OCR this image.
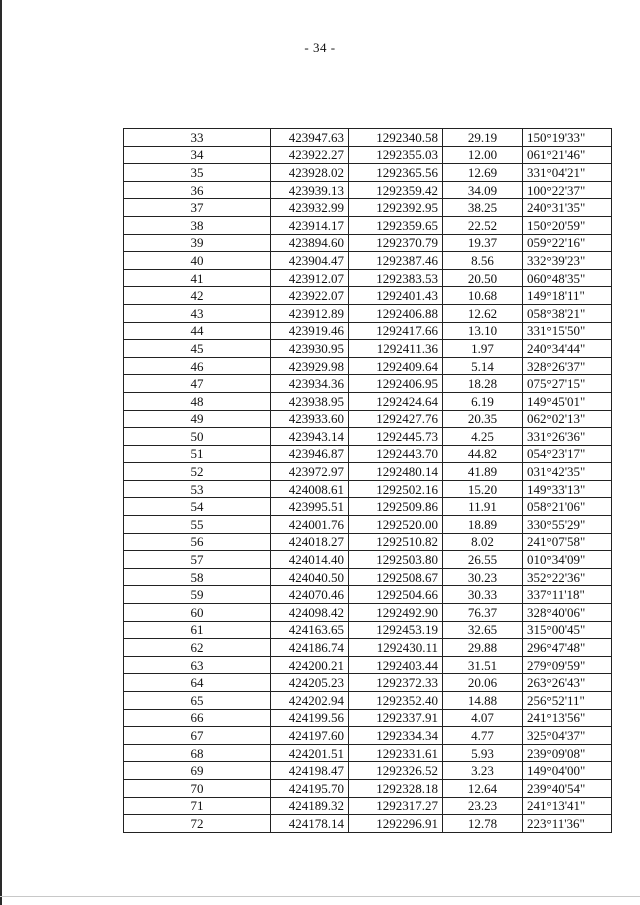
- 34 -
33	423947.63	1292340.58	29.19	150°19'33"
34	423922.27	1292355.03	12.00	061°21'46"
35	423928.02	1292365.56	12.69	331°04'21"
36	423939.13	1292359.42	34.09	100°22'37"
37	423932.99	1292392.95	38.25	240°31'35"
38	423914.17	1292359.65	22.52	150°20'59"
39	423894.60	1292370.79	19.37	059°22'16"
40	423904.47	1292387.46	8.56	332°39'23"
41	423912.07	1292383.53	20.50	060°48'35"
42	423922.07	1292401.43	10.68	149°18'11"
43	423912.89	1292406.88	12.62	058°38'21"
44	423919.46	1292417.66	13.10	331°15'50"
45	423930.95	1292411.36	1.97	240°34'44"
46	423929.98	1292409.64	5.14	328°26'37"
47	423934.36	1292406.95	18.28	075°27'15"
48	423938.95	1292424.64	6.19	149°45'01"
49	423933.60	1292427.76	20.35	062°02'13"
50	423943.14	1292445.73	4.25	331°26'36"
51	423946.87	1292443.70	44.82	054°23'17"
52	423972.97	1292480.14	41.89	031°42'35"
53	424008.61	1292502.16	15.20	149°33'13"
54	423995.51	1292509.86	11.91	058°21'06"
55	424001.76	1292520.00	18.89	330°55'29"
56	424018.27	1292510.82	8.02	241°07'58"
57	424014.40	1292503.80	26.55	010°34'09"
58	424040.50	1292508.67	30.23	352°22'36"
59	424070.46	1292504.66	30.33	337°11'18"
60	424098.42	1292492.90	76.37	328°40'06"
61	424163.65	1292453.19	32.65	315°00'45"
62	424186.74	1292430.11	29.88	296°47'48"
63	424200.21	1292403.44	31.51	279°09'59"
64	424205.23	1292372.33	20.06	263°26'43"
65	424202.94	1292352.40	14.88	256°52'11"
66	424199.56	1292337.91	4.07	241°13'56"
67	424197.60	1292334.34	4.77	325°04'37"
68	424201.51	1292331.61	5.93	239°09'08"
69	424198.47	1292326.52	3.23	149°04'00"
70	424195.70	1292328.18	12.64	239°40'54"
71	424189.32	1292317.27	23.23	241°13'41"
72	424178.14	1292296.91	12.78	223°11'36"
